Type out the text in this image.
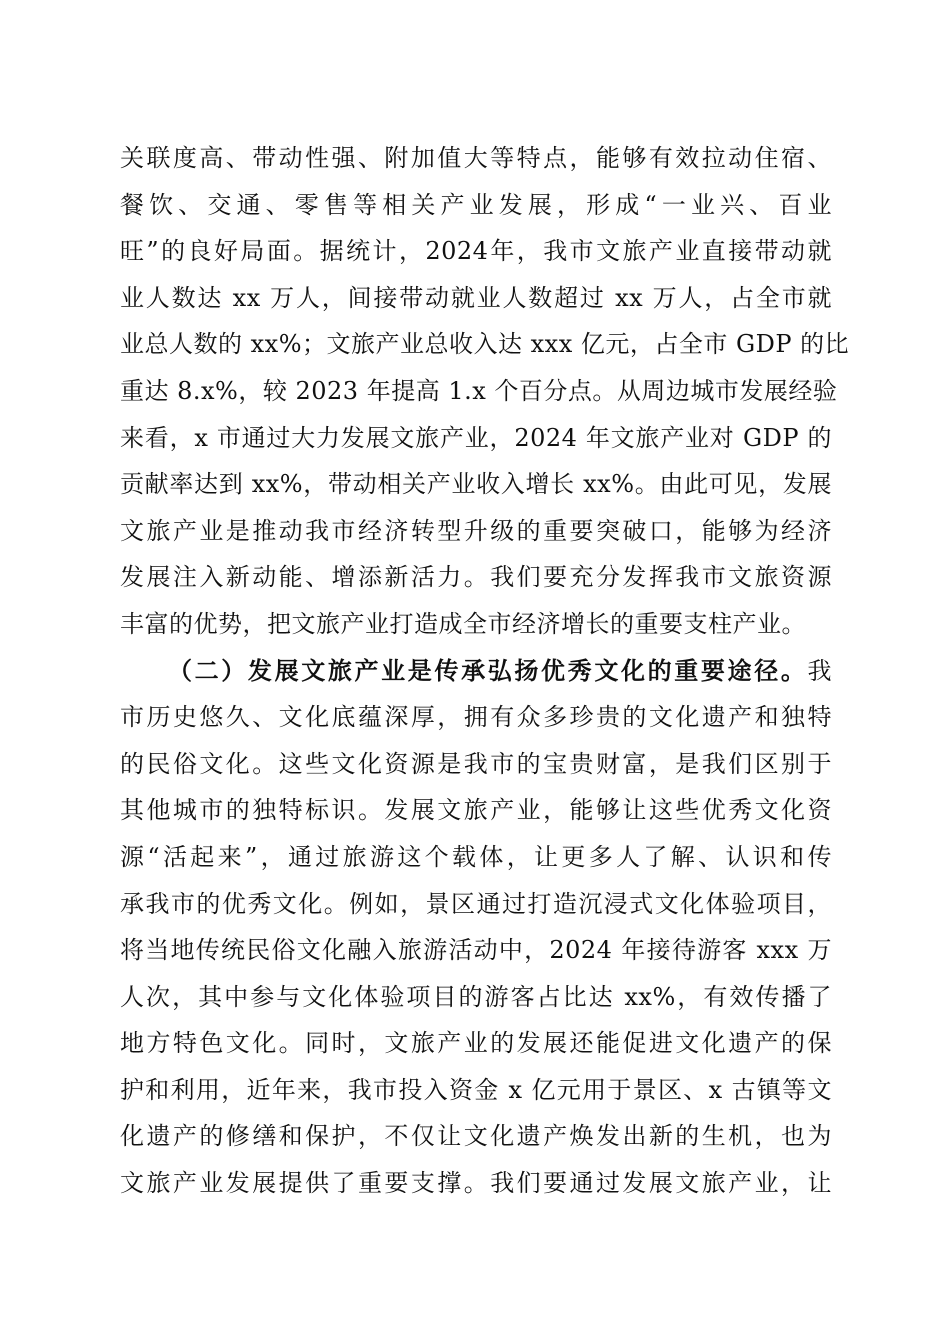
关联度高、带动性强、附加值大等特点，能够有效拉动住宿、
餐饮、交通、零售等相关产业发展，形成“一业兴、百业
旺”的良好局面。据统计，2024年，我市文旅产业直接带动就
业人数达 xx 万人，间接带动就业人数超过 xx 万人，占全市就
业总人数的 xx%；文旅产业总收入达 xxx 亿元，占全市 GDP 的比
重达 8.x%，较 2023 年提高 1.x 个百分点。从周边城市发展经验
来看，x 市通过大力发展文旅产业，2024 年文旅产业对 GDP 的
贡献率达到 xx%，带动相关产业收入增长 xx%。由此可见，发展
文旅产业是推动我市经济转型升级的重要突破口，能够为经济
发展注入新动能、增添新活力。我们要充分发挥我市文旅资源
丰富的优势，把文旅产业打造成全市经济增长的重要支柱产业。
（二）发展文旅产业是传承弘扬优秀文化的重要途径。我
市历史悠久、文化底蕴深厚，拥有众多珍贵的文化遗产和独特
的民俗文化。这些文化资源是我市的宝贵财富，是我们区别于
其他城市的独特标识。发展文旅产业，能够让这些优秀文化资
源“活起来”，通过旅游这个载体，让更多人了解、认识和传
承我市的优秀文化。例如，景区通过打造沉浸式文化体验项目，
将当地传统民俗文化融入旅游活动中，2024 年接待游客 xxx 万
人次，其中参与文化体验项目的游客占比达 xx%，有效传播了
地方特色文化。同时，文旅产业的发展还能促进文化遗产的保
护和利用，近年来，我市投入资金 x 亿元用于景区、x 古镇等文
化遗产的修缮和保护，不仅让文化遗产焕发出新的生机，也为
文旅产业发展提供了重要支撑。我们要通过发展文旅产业，让
